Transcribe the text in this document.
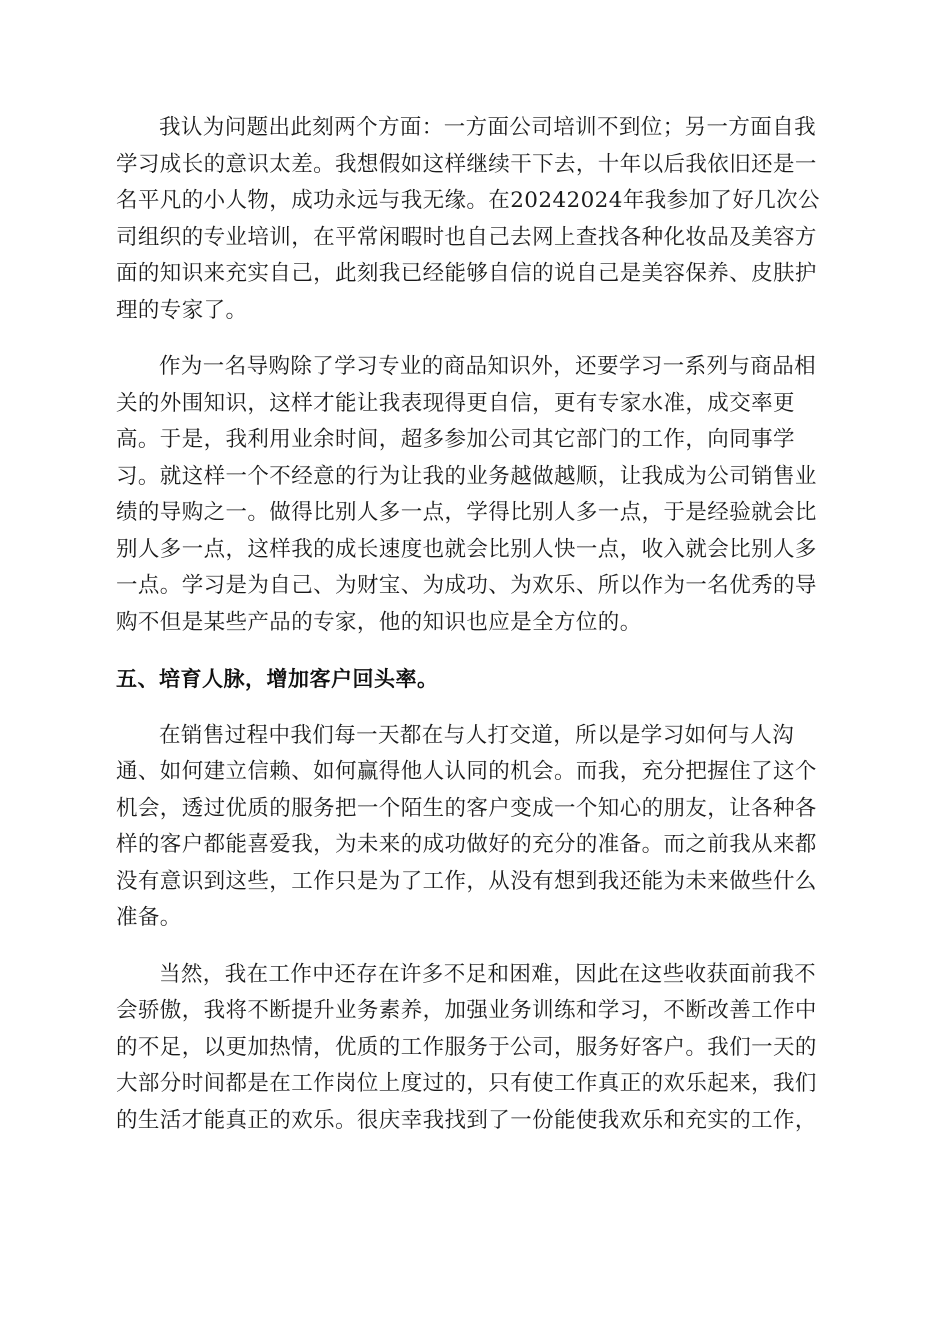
我认为问题出此刻两个方面：一方面公司培训不到位；另一方面自我
学习成长的意识太差。我想假如这样继续干下去，十年以后我依旧还是一
名平凡的小人物，成功永远与我无缘。在20242024年我参加了好几次公
司组织的专业培训，在平常闲暇时也自己去网上查找各种化妆品及美容方
面的知识来充实自己，此刻我已经能够自信的说自己是美容保养、皮肤护
理的专家了。

作为一名导购除了学习专业的商品知识外，还要学习一系列与商品相
关的外围知识，这样才能让我表现得更自信，更有专家水准，成交率更
高。于是，我利用业余时间，超多参加公司其它部门的工作，向同事学
习。就这样一个不经意的行为让我的业务越做越顺，让我成为公司销售业
绩的导购之一。做得比别人多一点，学得比别人多一点，于是经验就会比
别人多一点，这样我的成长速度也就会比别人快一点，收入就会比别人多
一点。学习是为自己、为财宝、为成功、为欢乐、所以作为一名优秀的导
购不但是某些产品的专家，他的知识也应是全方位的。

五、培育人脉，增加客户回头率。

在销售过程中我们每一天都在与人打交道，所以是学习如何与人沟
通、如何建立信赖、如何赢得他人认同的机会。而我，充分把握住了这个
机会，透过优质的服务把一个陌生的客户变成一个知心的朋友，让各种各
样的客户都能喜爱我，为未来的成功做好的充分的准备。而之前我从来都
没有意识到这些，工作只是为了工作，从没有想到我还能为未来做些什么
准备。

当然，我在工作中还存在许多不足和困难，因此在这些收获面前我不
会骄傲，我将不断提升业务素养，加强业务训练和学习，不断改善工作中
的不足，以更加热情，优质的工作服务于公司，服务好客户。我们一天的
大部分时间都是在工作岗位上度过的，只有使工作真正的欢乐起来，我们
的生活才能真正的欢乐。很庆幸我找到了一份能使我欢乐和充实的工作，
